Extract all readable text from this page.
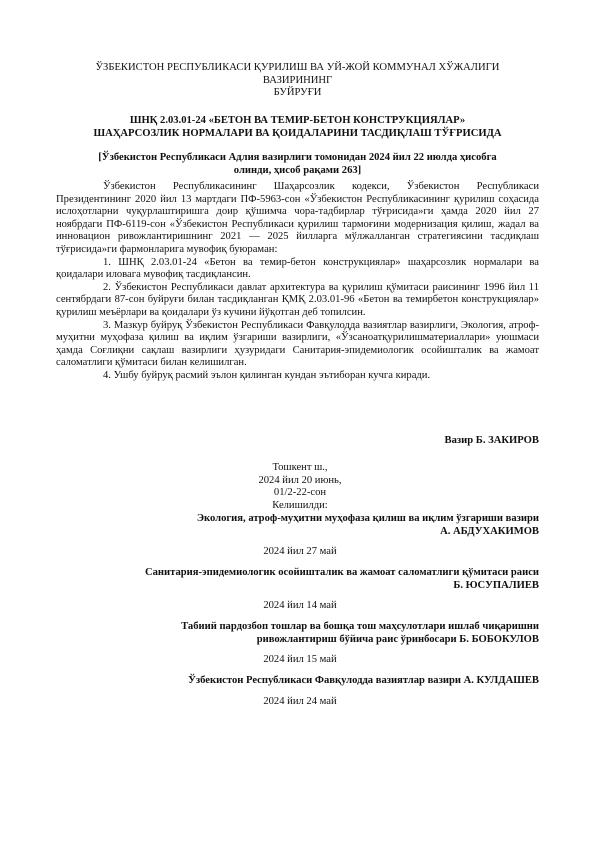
ЎЗБЕКИСТОН РЕСПУБЛИКАСИ ҚУРИЛИШ ВА УЙ-ЖОЙ КОММУНАЛ ХЎЖАЛИГИ

ВАЗИРИНИНГ

БУЙРУҒИ

ШНҚ 2.03.01-24 «БЕТОН ВА ТЕМИР-БЕТОН КОНСТРУКЦИЯЛАР»

ШАҲАРСОЗЛИК НОРМАЛАРИ ВА ҚОИДАЛАРИНИ ТАСДИҚЛАШ ТЎҒРИСИДА

[Ўзбекистон Республикаси Адлия вазирлиги томонидан 2024 йил 22 июлда ҳисобга

олинди, ҳисоб рақами 263]

Ўзбекистон Республикасининг Шаҳарсозлик кодекси, Ўзбекистон Республикаси Президентининг 2020 йил 13 мартдаги ПФ-5963-сон «Ўзбекистон Республикасининг қурилиш соҳасида ислоҳотларни чуқурлаштиришга доир қўшимча чора-тадбирлар тўғрисида»ги ҳамда 2020 йил 27 ноябрдаги ПФ-6119-сон «Ўзбекистон Республикаси қурилиш тармоғини модернизация қилиш, жадал ва инновацион ривожлантиришнинг 2021 — 2025 йилларга мўлжалланган стратегиясини тасдиқлаш тўғрисида»ги фармонларига мувофиқ буюраман:

1. ШНҚ 2.03.01-24 «Бетон ва темир-бетон конструкциялар» шаҳарсозлик нормалари ва қоидалари иловага мувофиқ тасдиқлансин.

2. Ўзбекистон Республикаси давлат архитектура ва қурилиш қўмитаси раисининг 1996 йил 11 сентябрдаги 87-сон буйруғи билан тасдиқланган ҚМҚ 2.03.01-96 «Бетон ва темирбетон конструкциялар» қурилиш меъёрлари ва қоидалари ўз кучини йўқотган деб топилсин.

3. Мазкур буйруқ Ўзбекистон Республикаси Фавқулодда вазиятлар вазирлиги, Экология, атроф-муҳитни муҳофаза қилиш ва иқлим ўзгариши вазирлиги, «Ўзсаноатқурилишматериаллари» уюшмаси ҳамда Соғлиқни сақлаш вазирлиги ҳузуридаги Санитария-эпидемиологик осойишталик ва жамоат саломатлиги қўмитаси билан келишилган.

4. Ушбу буйруқ расмий эълон қилинган кундан эътиборан кучга киради.

Вазир Б. ЗАКИРОВ

Тошкент ш.,

2024 йил 20 июнь,

01/2-22-сон

Келишилди:

Экология, атроф-муҳитни муҳофаза қилиш ва иқлим ўзгариши вазири

А. АБДУХАКИМОВ

2024 йил 27 май

Санитария-эпидемиологик осойишталик ва жамоат саломатлиги қўмитаси раиси

Б. ЮСУПАЛИЕВ

2024 йил 14 май

Табиий пардозбоп тошлар ва бошқа тош маҳсулотлари ишлаб чиқаришни

ривожлантириш бўйича раис ўринбосари Б. БОБОКУЛОВ

2024 йил 15 май

Ўзбекистон Республикаси Фавқулодда вазиятлар вазири А. КУЛДАШЕВ

2024 йил 24 май
